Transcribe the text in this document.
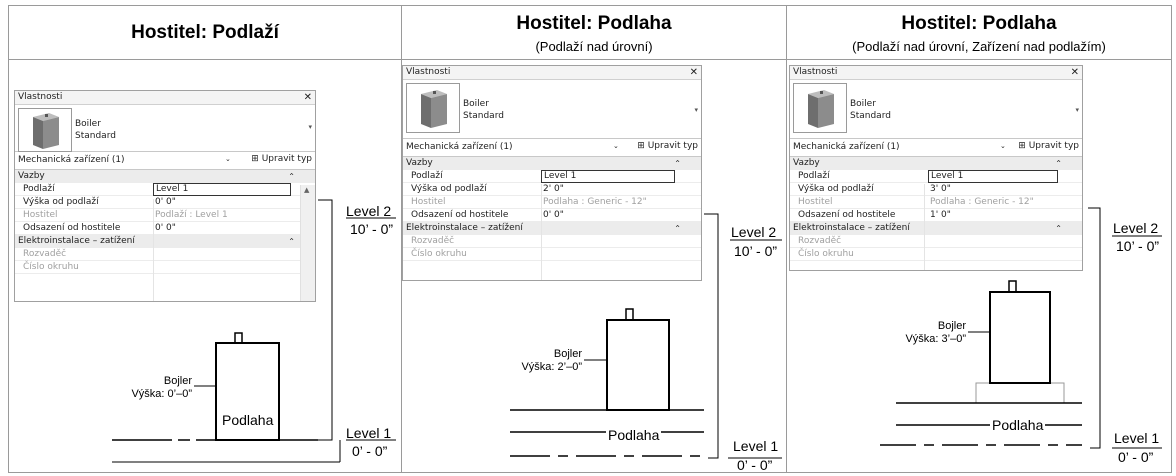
Hostitel: Podlaží	Hostitel: Podlaha
(Podlaží nad úrovní)
Hostitel: Podlaha
(Podlaží nad úrovní, Zařízení nad podlažím)
Vlastnosti	✕
Boiler
Standard
▾
Mechanická zařízení (1)	⌄ ⊞ Upravit typ
Vazby	⌃
Podlaží	Level 1
Výška od podlaží	0' 0"
Hostitel	Podlaží : Level 1
Odsazení od hostitele	0' 0"
Elektroinstalace – zatížení	⌃
Rozvaděč
Číslo okruhu
▲
Level 2
10’ - 0”
Level 1
0’ - 0”
Bojler
Výška: 0’–0”
Podlaha
Vlastnosti	✕
Boiler
Standard
▾
Mechanická zařízení (1)	⌄ ⊞ Upravit typ
Vazby	⌃
Podlaží	Level 1
Výška od podlaží	2' 0"
Hostitel	Podlaha : Generic - 12"
Odsazení od hostitele	0' 0"
Elektroinstalace – zatížení	⌃
Rozvaděč
Číslo okruhu
Level 2
10’ - 0”
Level 1
0’ - 0”
Bojler
Výška: 2’–0”
Podlaha
Vlastnosti	✕
Boiler
Standard
▾
Mechanická zařízení (1)	⌄ ⊞ Upravit typ
Vazby	⌃
Podlaží	Level 1
Výška od podlaží	3' 0"
Hostitel	Podlaha : Generic - 12"
Odsazení od hostitele	1' 0"
Elektroinstalace – zatížení	⌃
Rozvaděč
Číslo okruhu
Level 2
10’ - 0”
Level 1
0’ - 0”
Bojler
Výška: 3’–0”
Podlaha
